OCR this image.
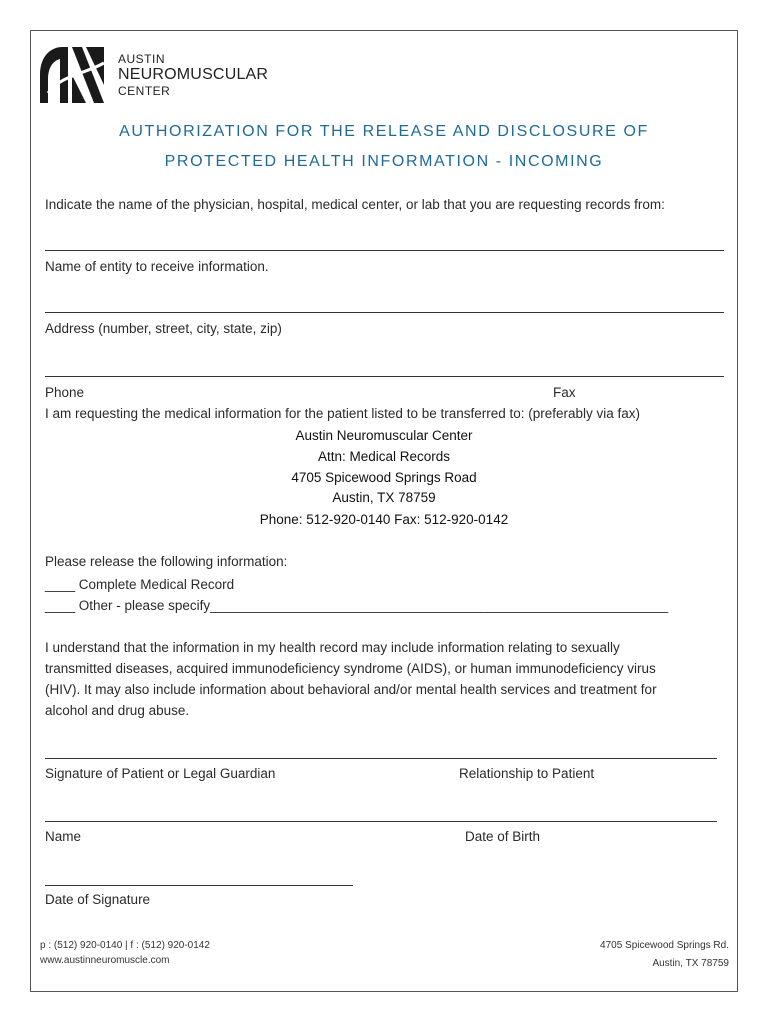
AUSTIN
NEUROMUSCULAR
CENTER
AUTHORIZATION FOR THE RELEASE AND DISCLOSURE OF
PROTECTED HEALTH INFORMATION - INCOMING
Indicate the name of the physician, hospital, medical center, or lab that you are requesting records from:
Name of entity to receive information.
Address (number, street, city, state, zip)
Phone	Fax
I am requesting the medical information for the patient listed to be transferred to: (preferably via fax)
Austin Neuromuscular Center
Attn: Medical Records
4705 Spicewood Springs Road
Austin, TX 78759
Phone: 512-920-0140 Fax: 512-920-0142
Please release the following information:
____ Complete Medical Record
____ Other - please specify_____________________________________________________________
I understand that the information in my health record may include information relating to sexually
transmitted diseases, acquired immunodeficiency syndrome (AIDS), or human immunodeficiency virus
(HIV). It may also include information about behavioral and/or mental health services and treatment for
alcohol and drug abuse.
Signature of Patient or Legal Guardian	Relationship to Patient
Name	Date of Birth
Date of Signature
p : (512) 920-0140 | f : (512) 920-0142
www.austinneuromuscle.com
4705 Spicewood Springs Rd.
Austin, TX 78759
